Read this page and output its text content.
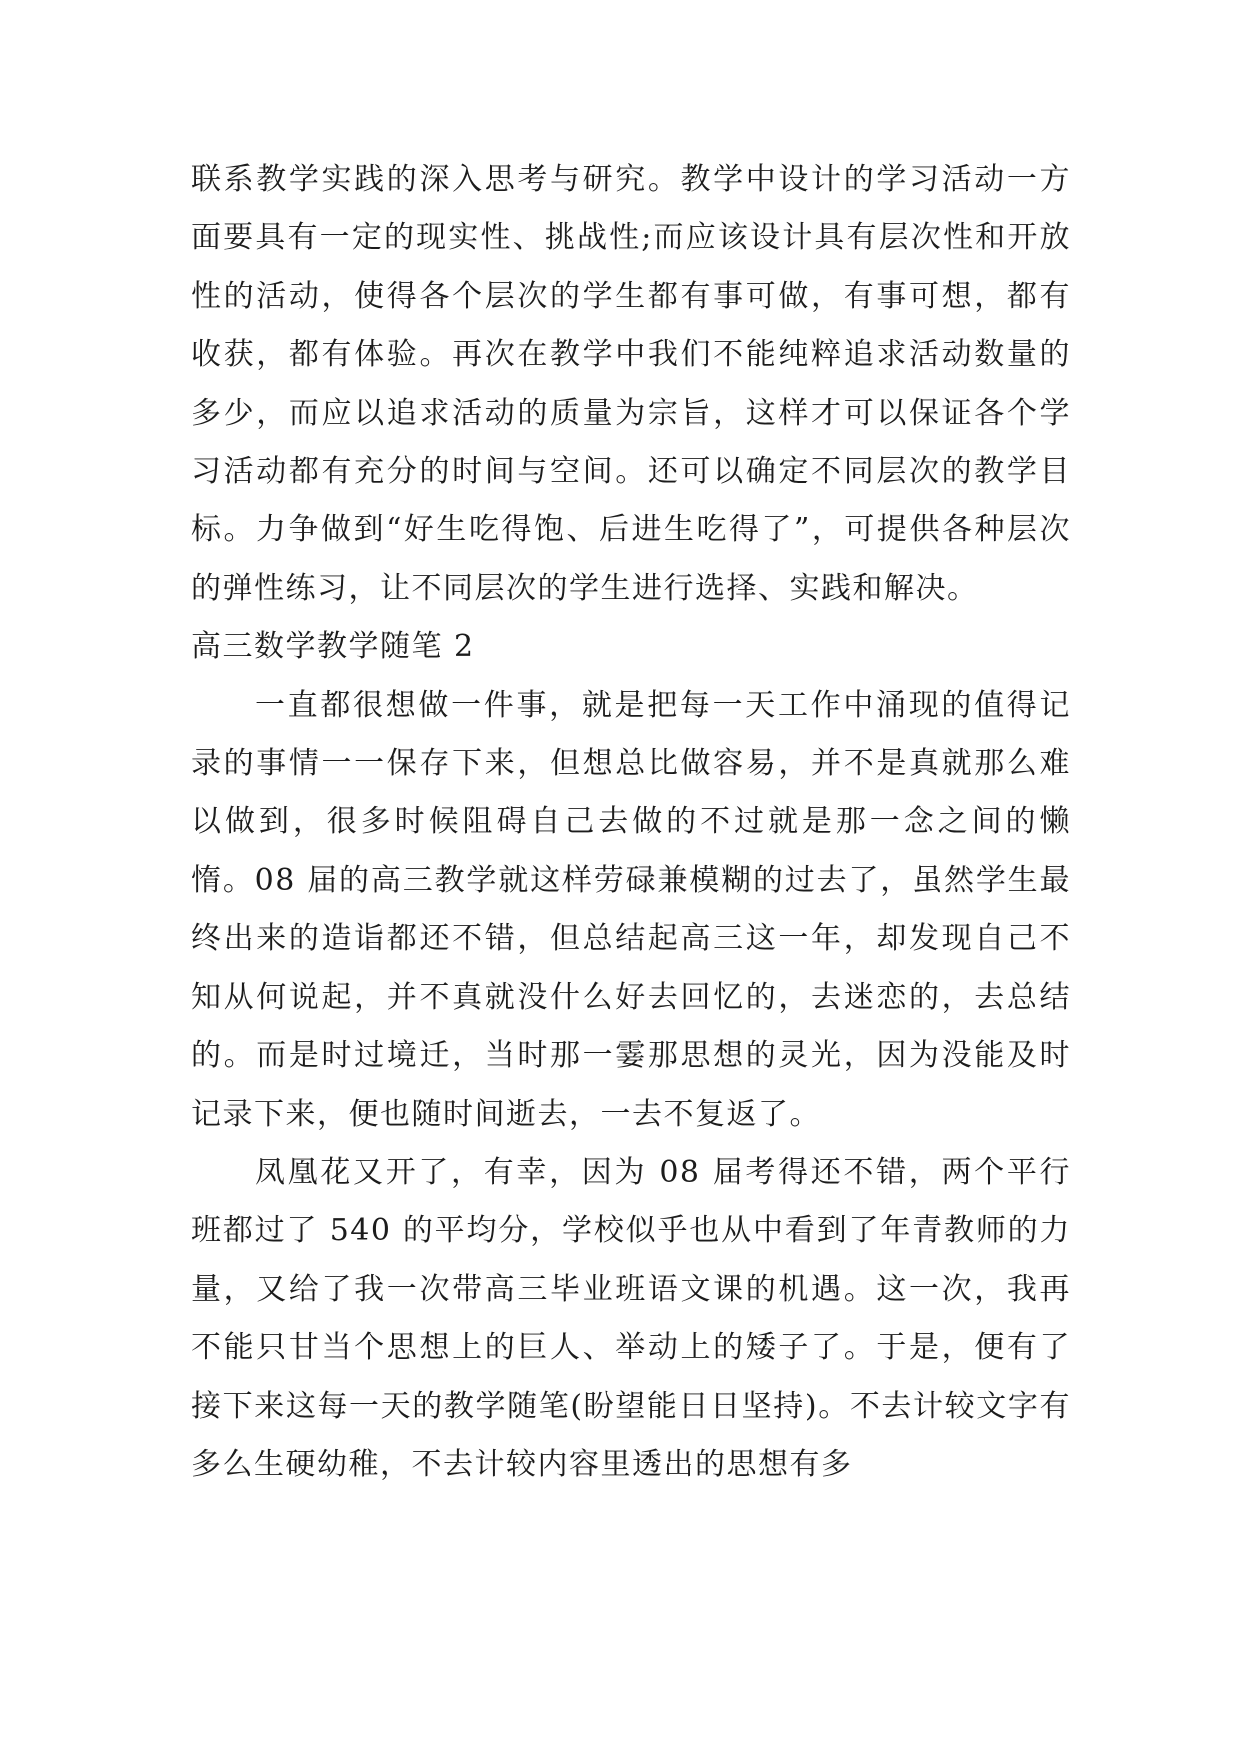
联系教学实践的深入思考与研究。教学中设计的学习活动一方面要具有一定的现实性、挑战性;而应该设计具有层次性和开放性的活动，使得各个层次的学生都有事可做，有事可想，都有收获，都有体验。再次在教学中我们不能纯粹追求活动数量的多少，而应以追求活动的质量为宗旨，这样才可以保证各个学习活动都有充分的时间与空间。还可以确定不同层次的教学目标。力争做到“好生吃得饱、后进生吃得了”，可提供各种层次的弹性练习，让不同层次的学生进行选择、实践和解决。

高三数学教学随笔 2

一直都很想做一件事，就是把每一天工作中涌现的值得记录的事情一一保存下来，但想总比做容易，并不是真就那么难以做到，很多时候阻碍自己去做的不过就是那一念之间的懒惰。08 届的高三教学就这样劳碌兼模糊的过去了，虽然学生最终出来的造诣都还不错，但总结起高三这一年，却发现自己不知从何说起，并不真就没什么好去回忆的，去迷恋的，去总结的。而是时过境迁，当时那一霎那思想的灵光，因为没能及时记录下来，便也随时间逝去，一去不复返了。

凤凰花又开了，有幸，因为 08 届考得还不错，两个平行班都过了 540 的平均分，学校似乎也从中看到了年青教师的力量，又给了我一次带高三毕业班语文课的机遇。这一次，我再不能只甘当个思想上的巨人、举动上的矮子了。于是，便有了接下来这每一天的教学随笔(盼望能日日坚持)。不去计较文字有多么生硬幼稚，不去计较内容里透出的思想有多
